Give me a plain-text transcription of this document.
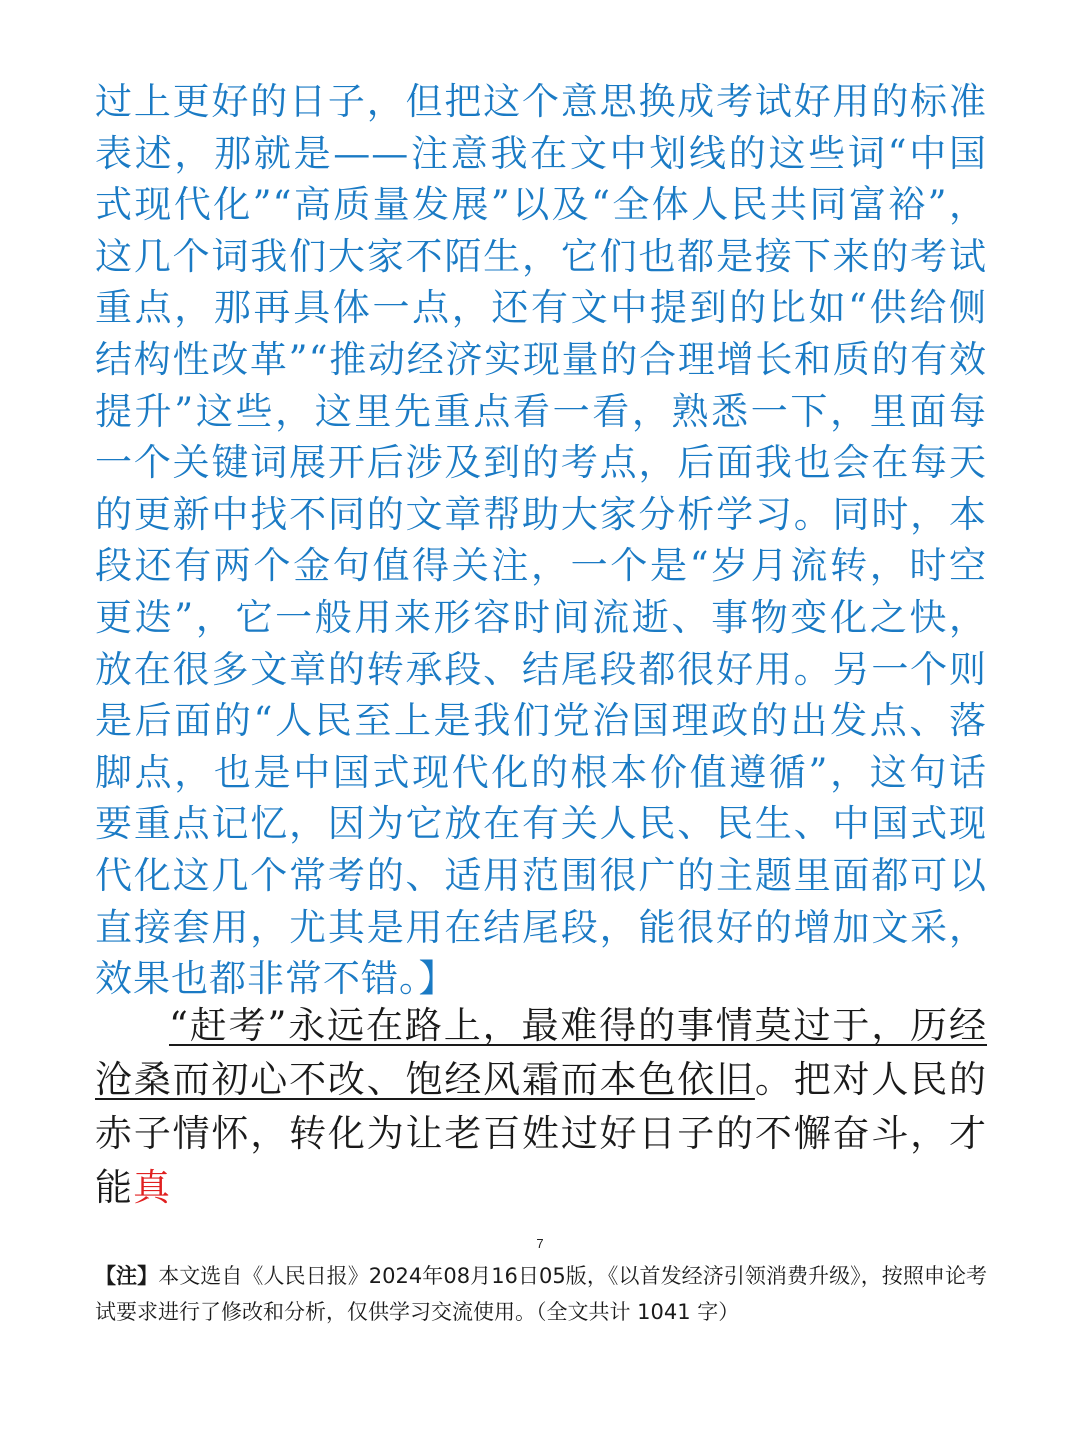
过上更好的日子，但把这个意思换成考试好用的标准表述，那就是——注意我在文中划线的这些词“中国式现代化”“高质量发展”以及“全体人民共同富裕”，这几个词我们大家不陌生，它们也都是接下来的考试重点，那再具体一点，还有文中提到的比如“供给侧结构性改革”“推动经济实现量的合理增长和质的有效提升”这些，这里先重点看一看，熟悉一下，里面每一个关键词展开后涉及到的考点，后面我也会在每天的更新中找不同的文章帮助大家分析学习。同时，本段还有两个金句值得关注，一个是“岁月流转，时空更迭”，它一般用来形容时间流逝、事物变化之快，放在很多文章的转承段、结尾段都很好用。另一个则是后面的“人民至上是我们党治国理政的出发点、落脚点，也是中国式现代化的根本价值遵循”，这句话要重点记忆，因为它放在有关人民、民生、中国式现代化这几个常考的、适用范围很广的主题里面都可以直接套用，尤其是用在结尾段，能很好的增加文采，效果也都非常不错。】
“赶考”永远在路上，最难得的事情莫过于，历经沧桑而初心不改、饱经风霜而本色依旧。把对人民的赤子情怀，转化为让老百姓过好日子的不懈奋斗，才能真
7
【注】本文选自《人民日报》2024年08月16日05版，《以首发经济引领消费升级》，按照申论考试要求进行了修改和分析，仅供学习交流使用。（全文共计 1041 字）
